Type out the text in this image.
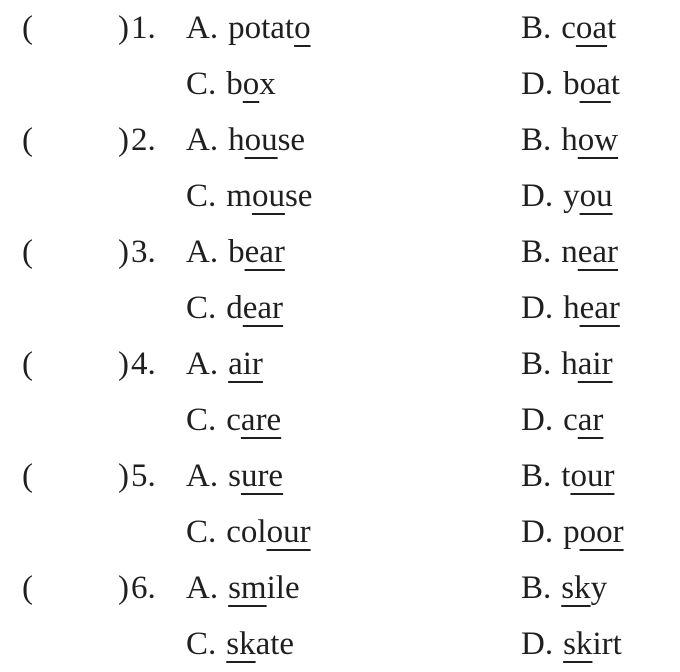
(	) 1. A. potato	B. coat
C. box	D. boat
(	) 2. A. house	B. how
C. mouse	D. you
(	) 3. A. bear	B. near
C. dear	D. hear
(	) 4. A. air	B. hair
C. care	D. car
(	) 5. A. sure	B. tour
C. colour	D. poor
(	) 6. A. smile	B. sky
C. skate	D. skirt
